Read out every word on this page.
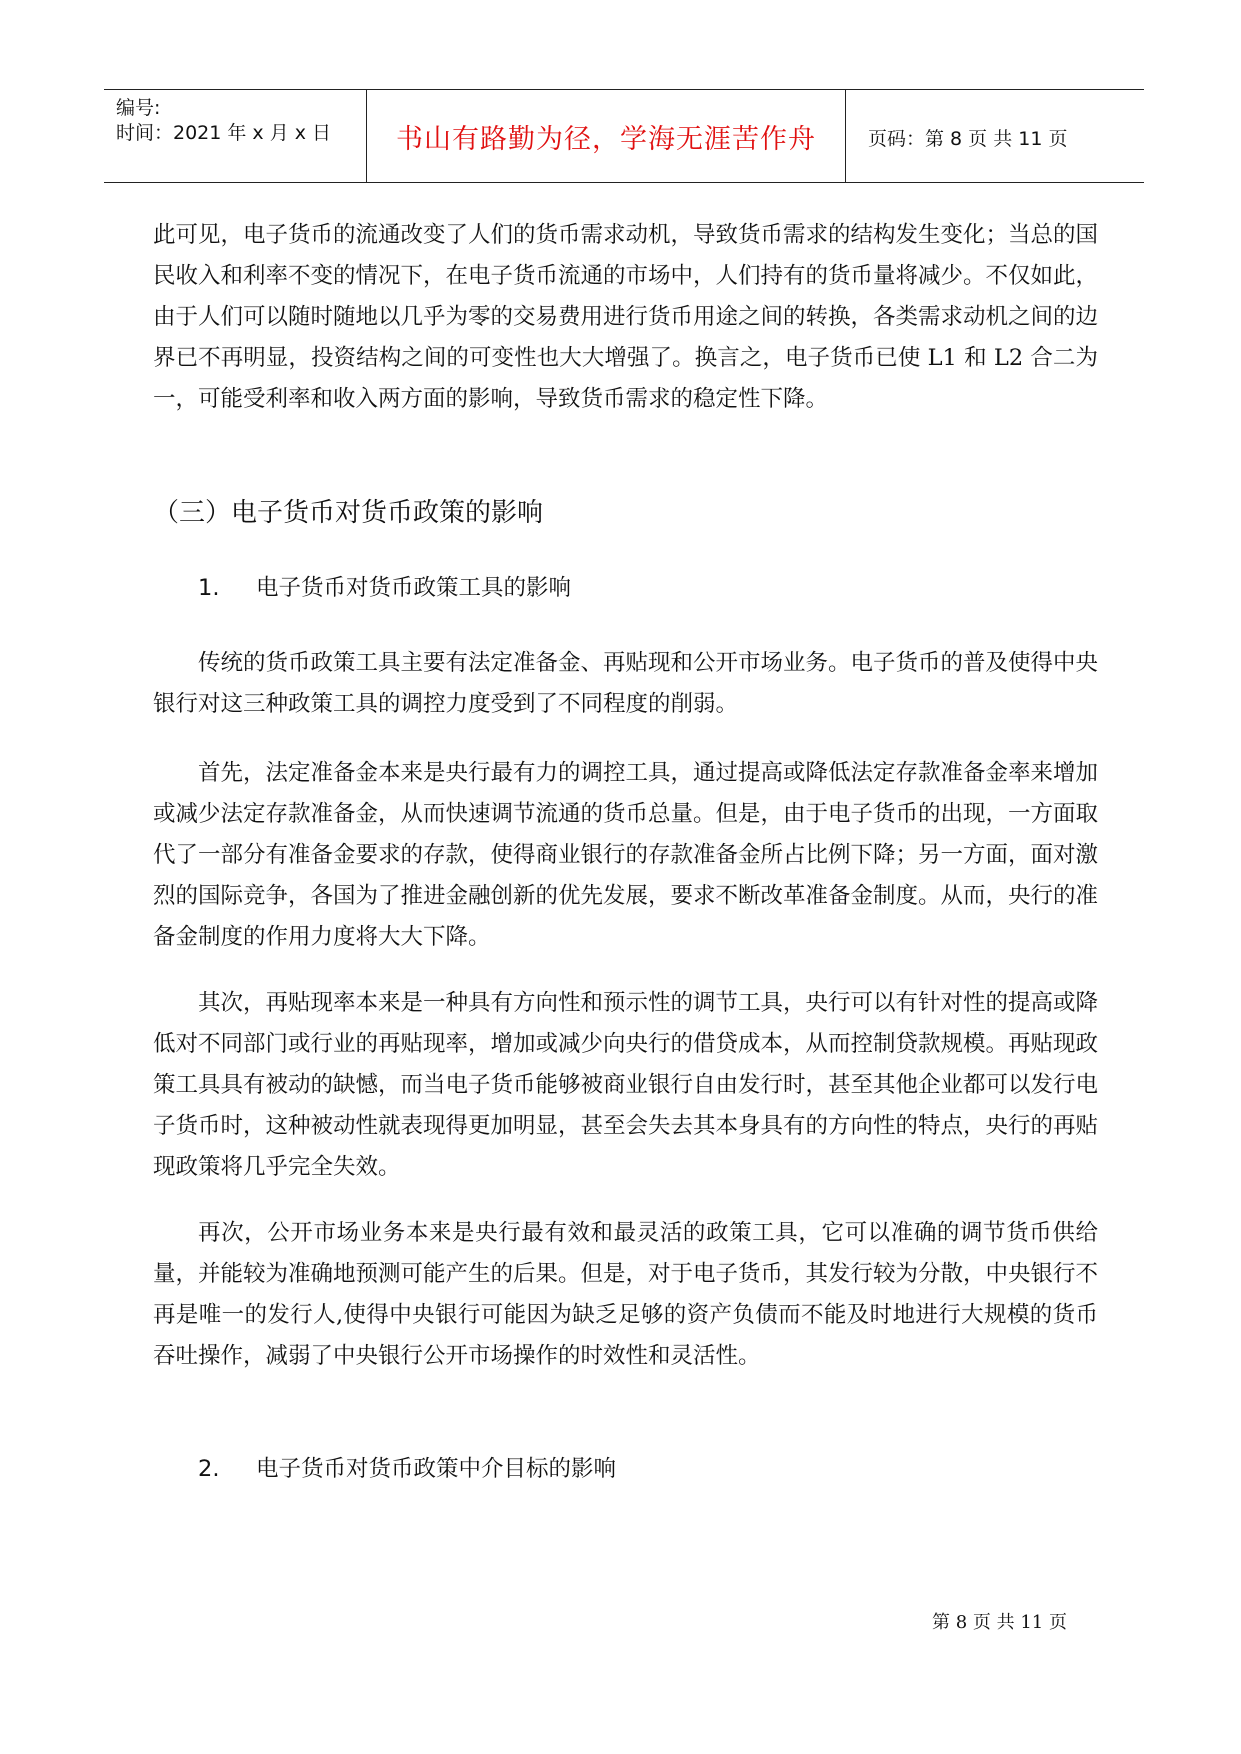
编号:
时间：2021 年 x 月 x 日	书山有路勤为径，学海无涯苦作舟	页码：第 8 页 共 11 页

此可见，电子货币的流通改变了人们的货币需求动机，导致货币需求的结构发生变化；当总的国民收入和利率不变的情况下，在电子货币流通的市场中，人们持有的货币量将减少。不仅如此，由于人们可以随时随地以几乎为零的交易费用进行货币用途之间的转换，各类需求动机之间的边界已不再明显，投资结构之间的可变性也大大增强了。换言之，电子货币已使 L1 和 L2 合二为一，可能受利率和收入两方面的影响，导致货币需求的稳定性下降。

（三）电子货币对货币政策的影响
1. 电子货币对货币政策工具的影响

传统的货币政策工具主要有法定准备金、再贴现和公开市场业务。电子货币的普及使得中央银行对这三种政策工具的调控力度受到了不同程度的削弱。

首先，法定准备金本来是央行最有力的调控工具，通过提高或降低法定存款准备金率来增加或减少法定存款准备金，从而快速调节流通的货币总量。但是，由于电子货币的出现，一方面取代了一部分有准备金要求的存款，使得商业银行的存款准备金所占比例下降；另一方面，面对激烈的国际竞争，各国为了推进金融创新的优先发展，要求不断改革准备金制度。从而，央行的准备金制度的作用力度将大大下降。

其次，再贴现率本来是一种具有方向性和预示性的调节工具，央行可以有针对性的提高或降低对不同部门或行业的再贴现率，增加或减少向央行的借贷成本，从而控制贷款规模。再贴现政策工具具有被动的缺憾，而当电子货币能够被商业银行自由发行时，甚至其他企业都可以发行电子货币时，这种被动性就表现得更加明显，甚至会失去其本身具有的方向性的特点，央行的再贴现政策将几乎完全失效。

再次，公开市场业务本来是央行最有效和最灵活的政策工具，它可以准确的调节货币供给量，并能较为准确地预测可能产生的后果。但是，对于电子货币，其发行较为分散，中央银行不再是唯一的发行人,使得中央银行可能因为缺乏足够的资产负债而不能及时地进行大规模的货币吞吐操作，减弱了中央银行公开市场操作的时效性和灵活性。

2. 电子货币对货币政策中介目标的影响
第 8 页 共 11 页
